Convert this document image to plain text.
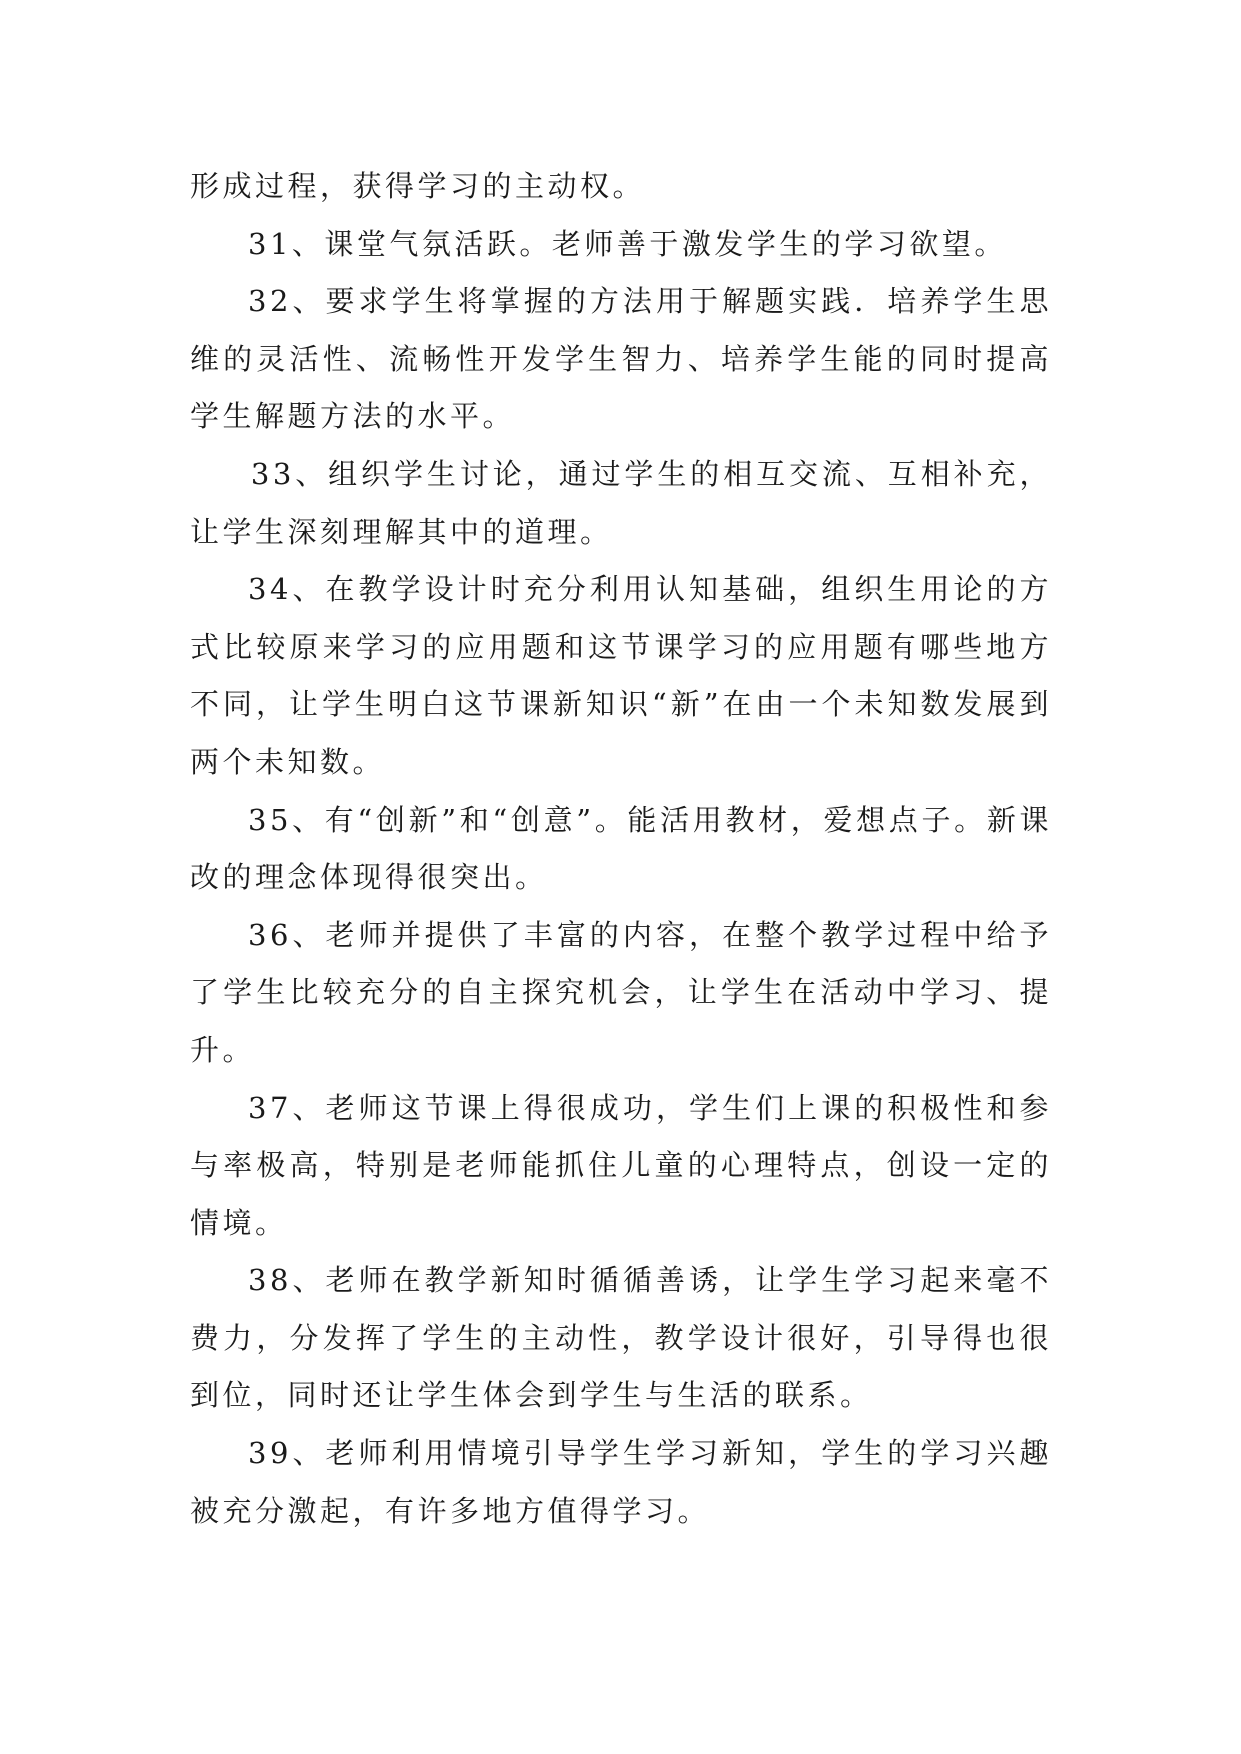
形成过程，获得学习的主动权。

31、课堂气氛活跃。老师善于激发学生的学习欲望。

32、要求学生将掌握的方法用于解题实践．培养学生思维的灵活性、流畅性开发学生智力、培养学生能的同时提高学生解题方法的水平。

33、组织学生讨论，通过学生的相互交流、互相补充，让学生深刻理解其中的道理。

34、在教学设计时充分利用认知基础，组织生用论的方式比较原来学习的应用题和这节课学习的应用题有哪些地方不同，让学生明白这节课新知识“新”在由一个未知数发展到两个未知数。

35、有“创新”和“创意”。能活用教材，爱想点子。新课改的理念体现得很突出。

36、老师并提供了丰富的内容，在整个教学过程中给予了学生比较充分的自主探究机会，让学生在活动中学习、提升。

37、老师这节课上得很成功，学生们上课的积极性和参与率极高，特别是老师能抓住儿童的心理特点，创设一定的情境。

38、老师在教学新知时循循善诱，让学生学习起来毫不费力，分发挥了学生的主动性，教学设计很好，引导得也很到位，同时还让学生体会到学生与生活的联系。

39、老师利用情境引导学生学习新知，学生的学习兴趣被充分激起，有许多地方值得学习。
